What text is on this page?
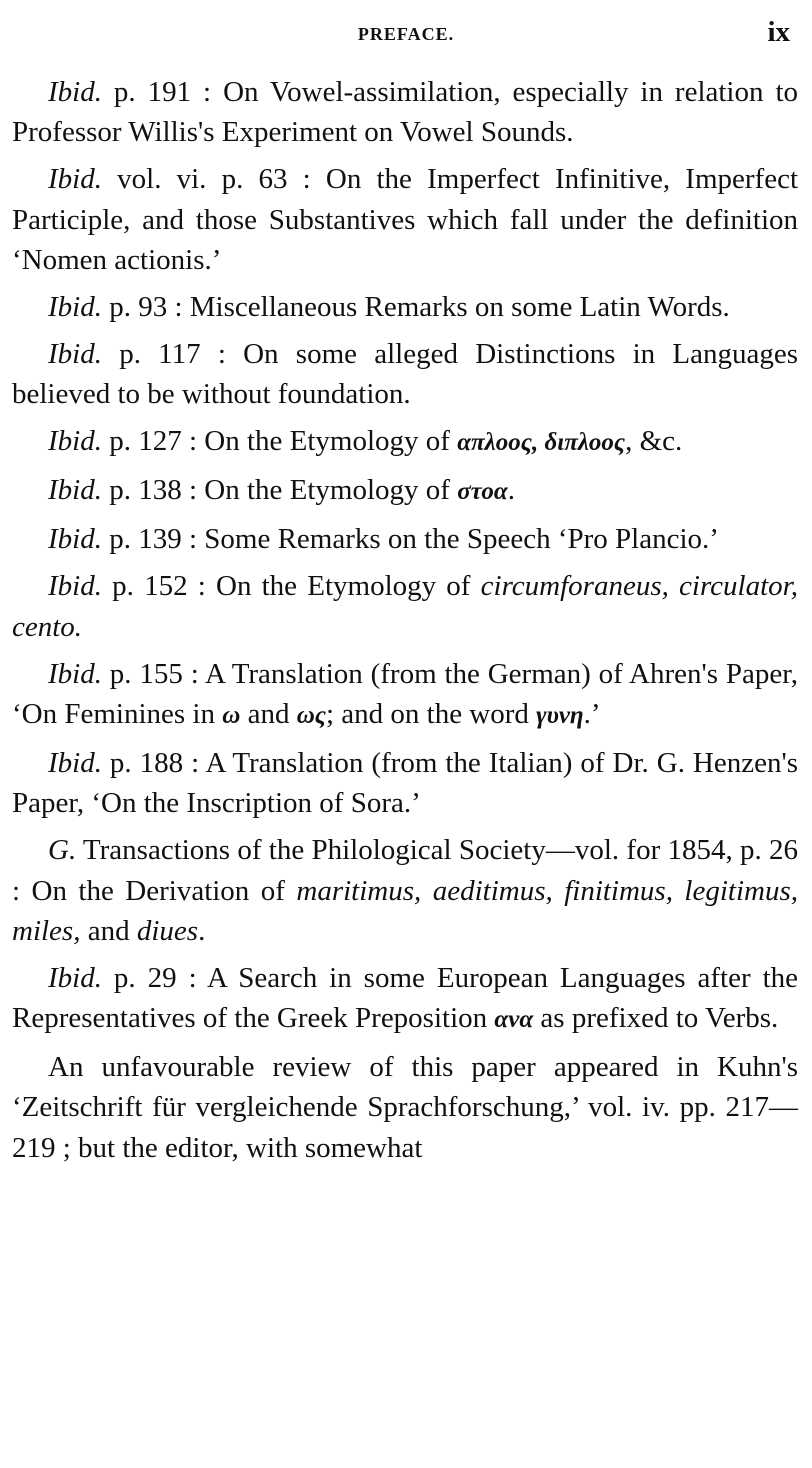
PREFACE.	ix

Ibid. p. 191 : On Vowel-assimilation, especially in relation to Professor Willis's Experiment on Vowel Sounds.

Ibid. vol. vi. p. 63 : On the Imperfect Infinitive, Imperfect Participle, and those Substantives which fall under the definition ‘Nomen actionis.’

Ibid. p. 93 : Miscellaneous Remarks on some Latin Words.

Ibid. p. 117 : On some alleged Distinctions in Languages believed to be without foundation.

Ibid. p. 127 : On the Etymology of απλοος, διπλοος, &c.

Ibid. p. 138 : On the Etymology of στοα.

Ibid. p. 139 : Some Remarks on the Speech ‘Pro Plancio.’

Ibid. p. 152 : On the Etymology of circumforaneus, circulator, cento.

Ibid. p. 155 : A Translation (from the German) of Ahren's Paper, ‘On Feminines in ω and ως; and on the word γυνη.’

Ibid. p. 188 : A Translation (from the Italian) of Dr. G. Henzen's Paper, ‘On the Inscription of Sora.’

G. Transactions of the Philological Society—vol. for 1854, p. 26 : On the Derivation of maritimus, aeditimus, finitimus, legitimus, miles, and diues.

Ibid. p. 29 : A Search in some European Languages after the Representatives of the Greek Preposition ανα as prefixed to Verbs.

An unfavourable review of this paper appeared in Kuhn's ‘Zeitschrift für vergleichende Sprachforschung,’ vol. iv. pp. 217—219 ; but the editor, with somewhat
